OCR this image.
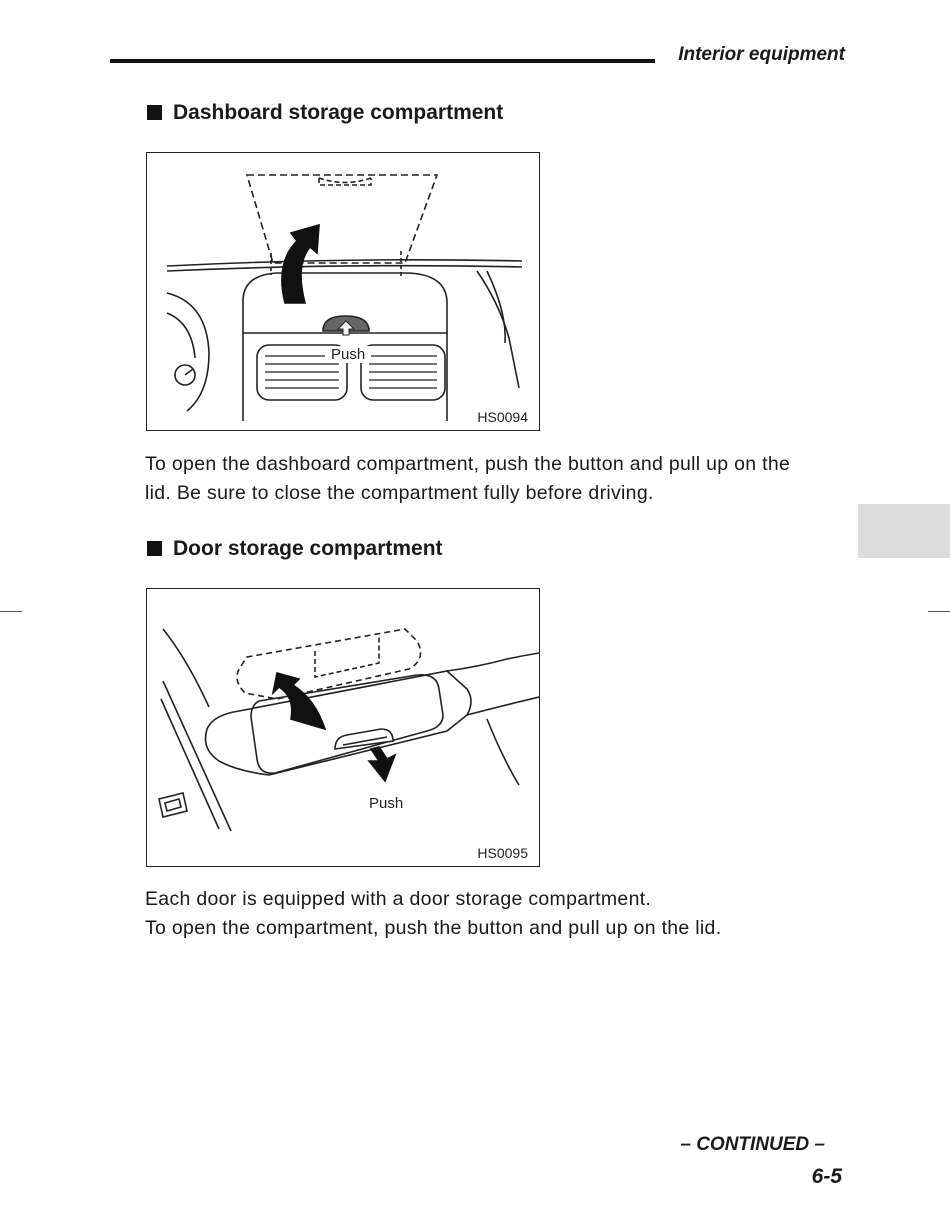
Interior equipment
Dashboard storage compartment
Push
HS0094

To open the dashboard compartment, push the button and pull up on the
lid. Be sure to close the compartment fully before driving.

Door storage compartment
Push
HS0095

Each door is equipped with a door storage compartment.
To open the compartment, push the button and pull up on the lid.

– CONTINUED –
6-5
